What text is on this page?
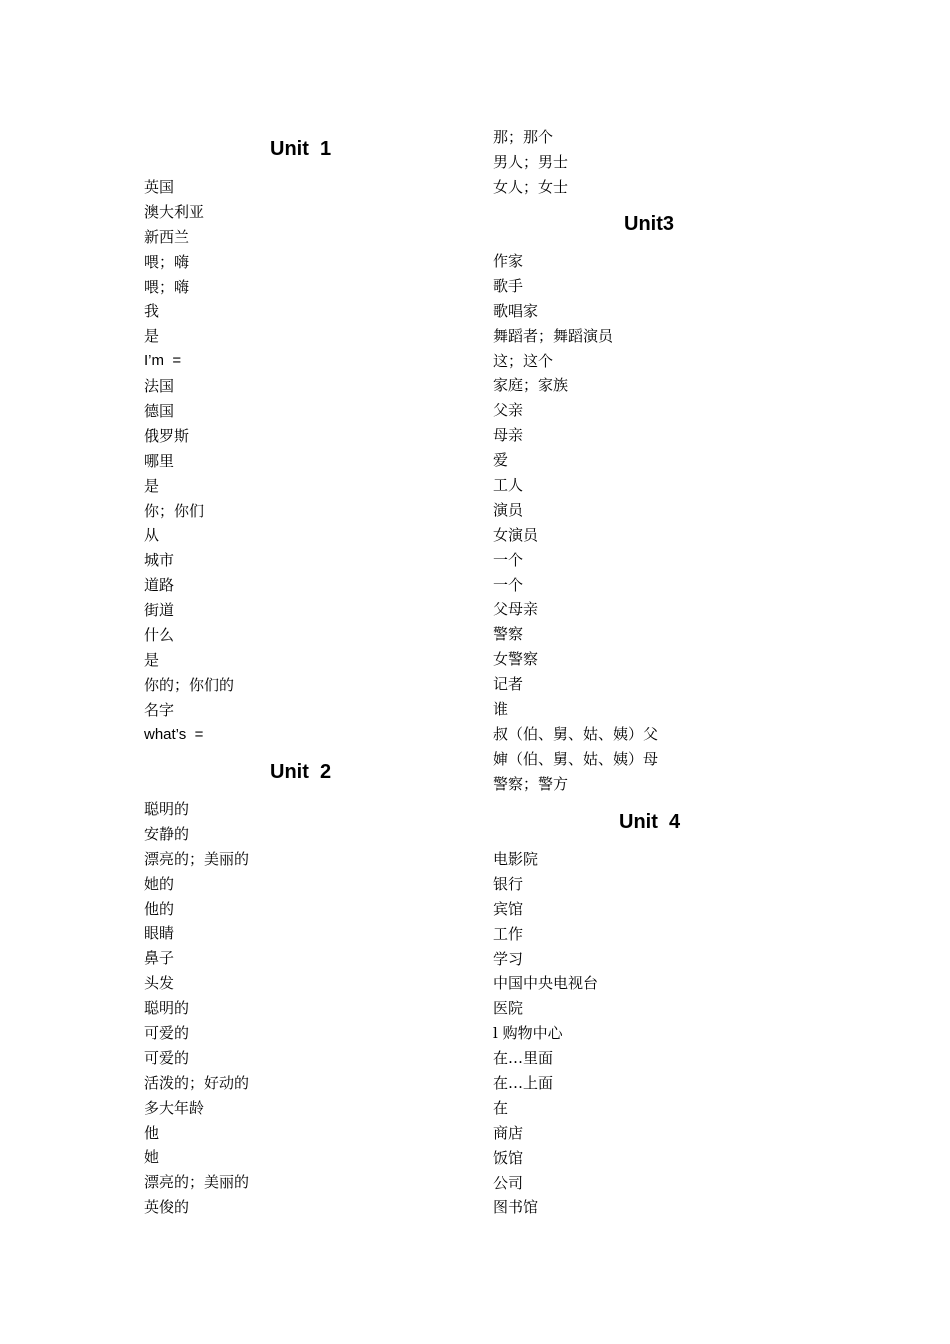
Unit  1
英国
澳大利亚
新西兰
喂；嗨
喂；嗨
我
是
I’m  =
法国
德国
俄罗斯
哪里
是
你；你们
从
城市
道路
街道
什么
是
你的；你们的
名字
what’s  =
Unit  2
聪明的
安静的
漂亮的；美丽的
她的
他的
眼睛
鼻子
头发
聪明的
可爱的
可爱的
活泼的；好动的
多大年龄
他
她
漂亮的；美丽的
英俊的
那；那个
男人；男士
女人；女士
Unit3
作家
歌手
歌唱家
舞蹈者；舞蹈演员
这；这个
家庭；家族
父亲
母亲
爱
工人
演员
女演员
一个
一个
父母亲
警察
女警察
记者
谁
叔（伯、舅、姑、姨）父
婶（伯、舅、姑、姨）母
警察；警方
Unit  4
电影院
银行
宾馆
工作
学习
中国中央电视台
医院
l 购物中心
在…里面
在…上面
在
商店
饭馆
公司
图书馆
